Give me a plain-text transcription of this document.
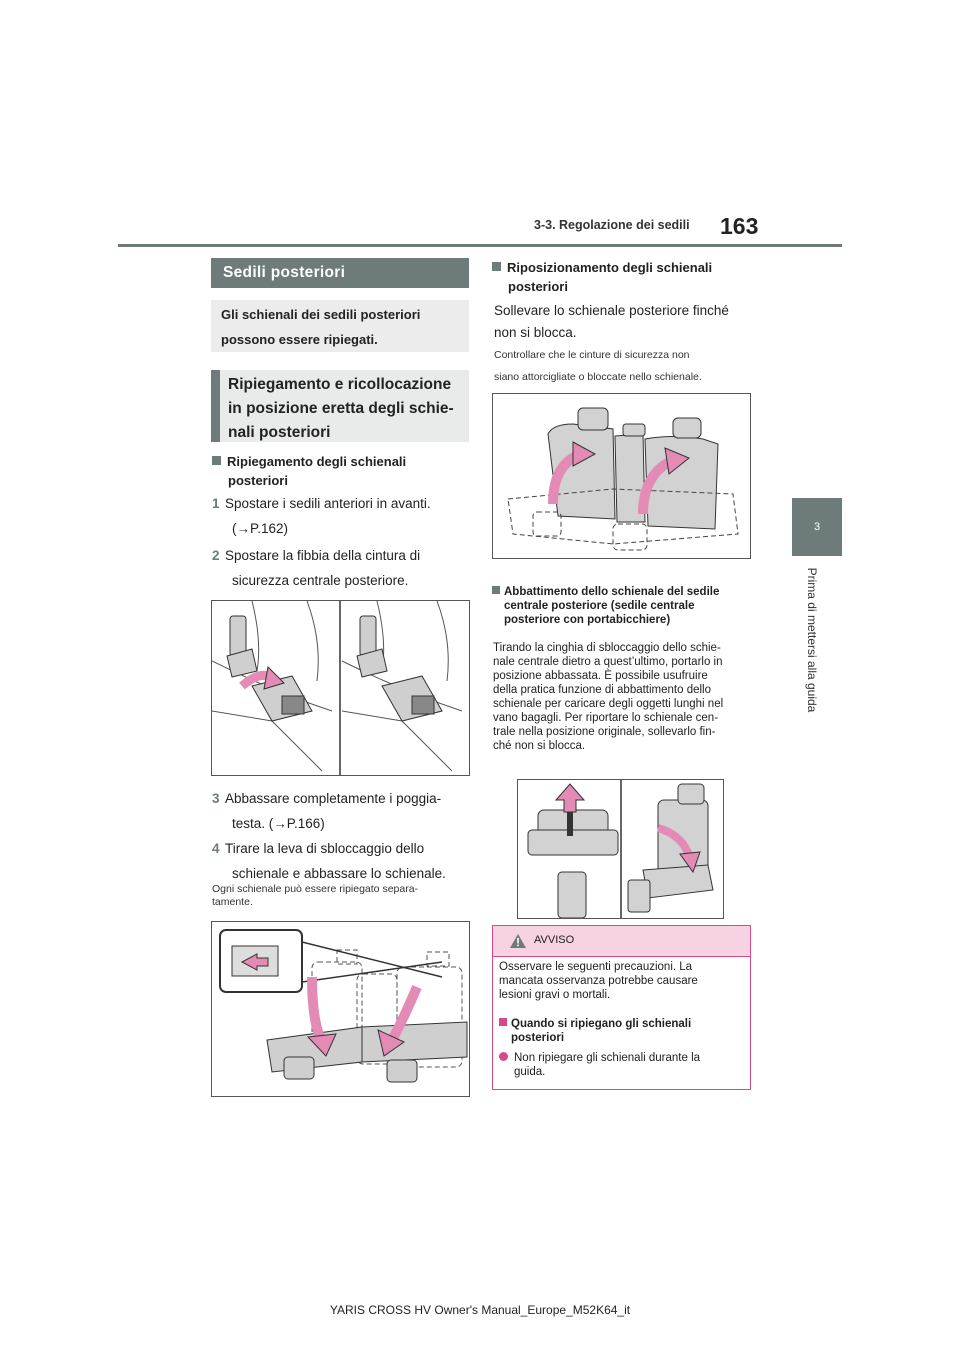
3-3. Regolazione dei sedili 163
3
Prima di mettersi alla guida
Sedili posteriori
Gli schienali dei sedili posteriori
possono essere ripiegati.
Ripiegamento e ricollocazione
in posizione eretta degli schie-
nali posteriori
Ripiegamento degli schienali
posteriori
1 Spostare i sedili anteriori in avanti.
(→P.162)
2 Spostare la fibbia della cintura di
sicurezza centrale posteriore.
3 Abbassare completamente i poggia-
testa. (→P.166)
4 Tirare la leva di sbloccaggio dello
schienale e abbassare lo schienale.
Ogni schienale può essere ripiegato separa-
tamente.
Riposizionamento degli schienali
posteriori
Sollevare lo schienale posteriore finché
non si blocca.
Controllare che le cinture di sicurezza non
siano attorcigliate o bloccate nello schienale.
Abbattimento dello schienale del sedile
centrale posteriore (sedile centrale
posteriore con portabicchiere)
Tirando la cinghia di sbloccaggio dello schie-
nale centrale dietro a quest’ultimo, portarlo in
posizione abbassata. È possibile usufruire
della pratica funzione di abbattimento dello
schienale per caricare degli oggetti lunghi nel
vano bagagli. Per riportare lo schienale cen-
trale nella posizione originale, sollevarlo fin-
ché non si blocca.
AVVISO
Osservare le seguenti precauzioni. La
mancata osservanza potrebbe causare
lesioni gravi o mortali.
Quando si ripiegano gli schienali
posteriori
Non ripiegare gli schienali durante la
guida.
YARIS CROSS HV Owner's Manual_Europe_M52K64_it
